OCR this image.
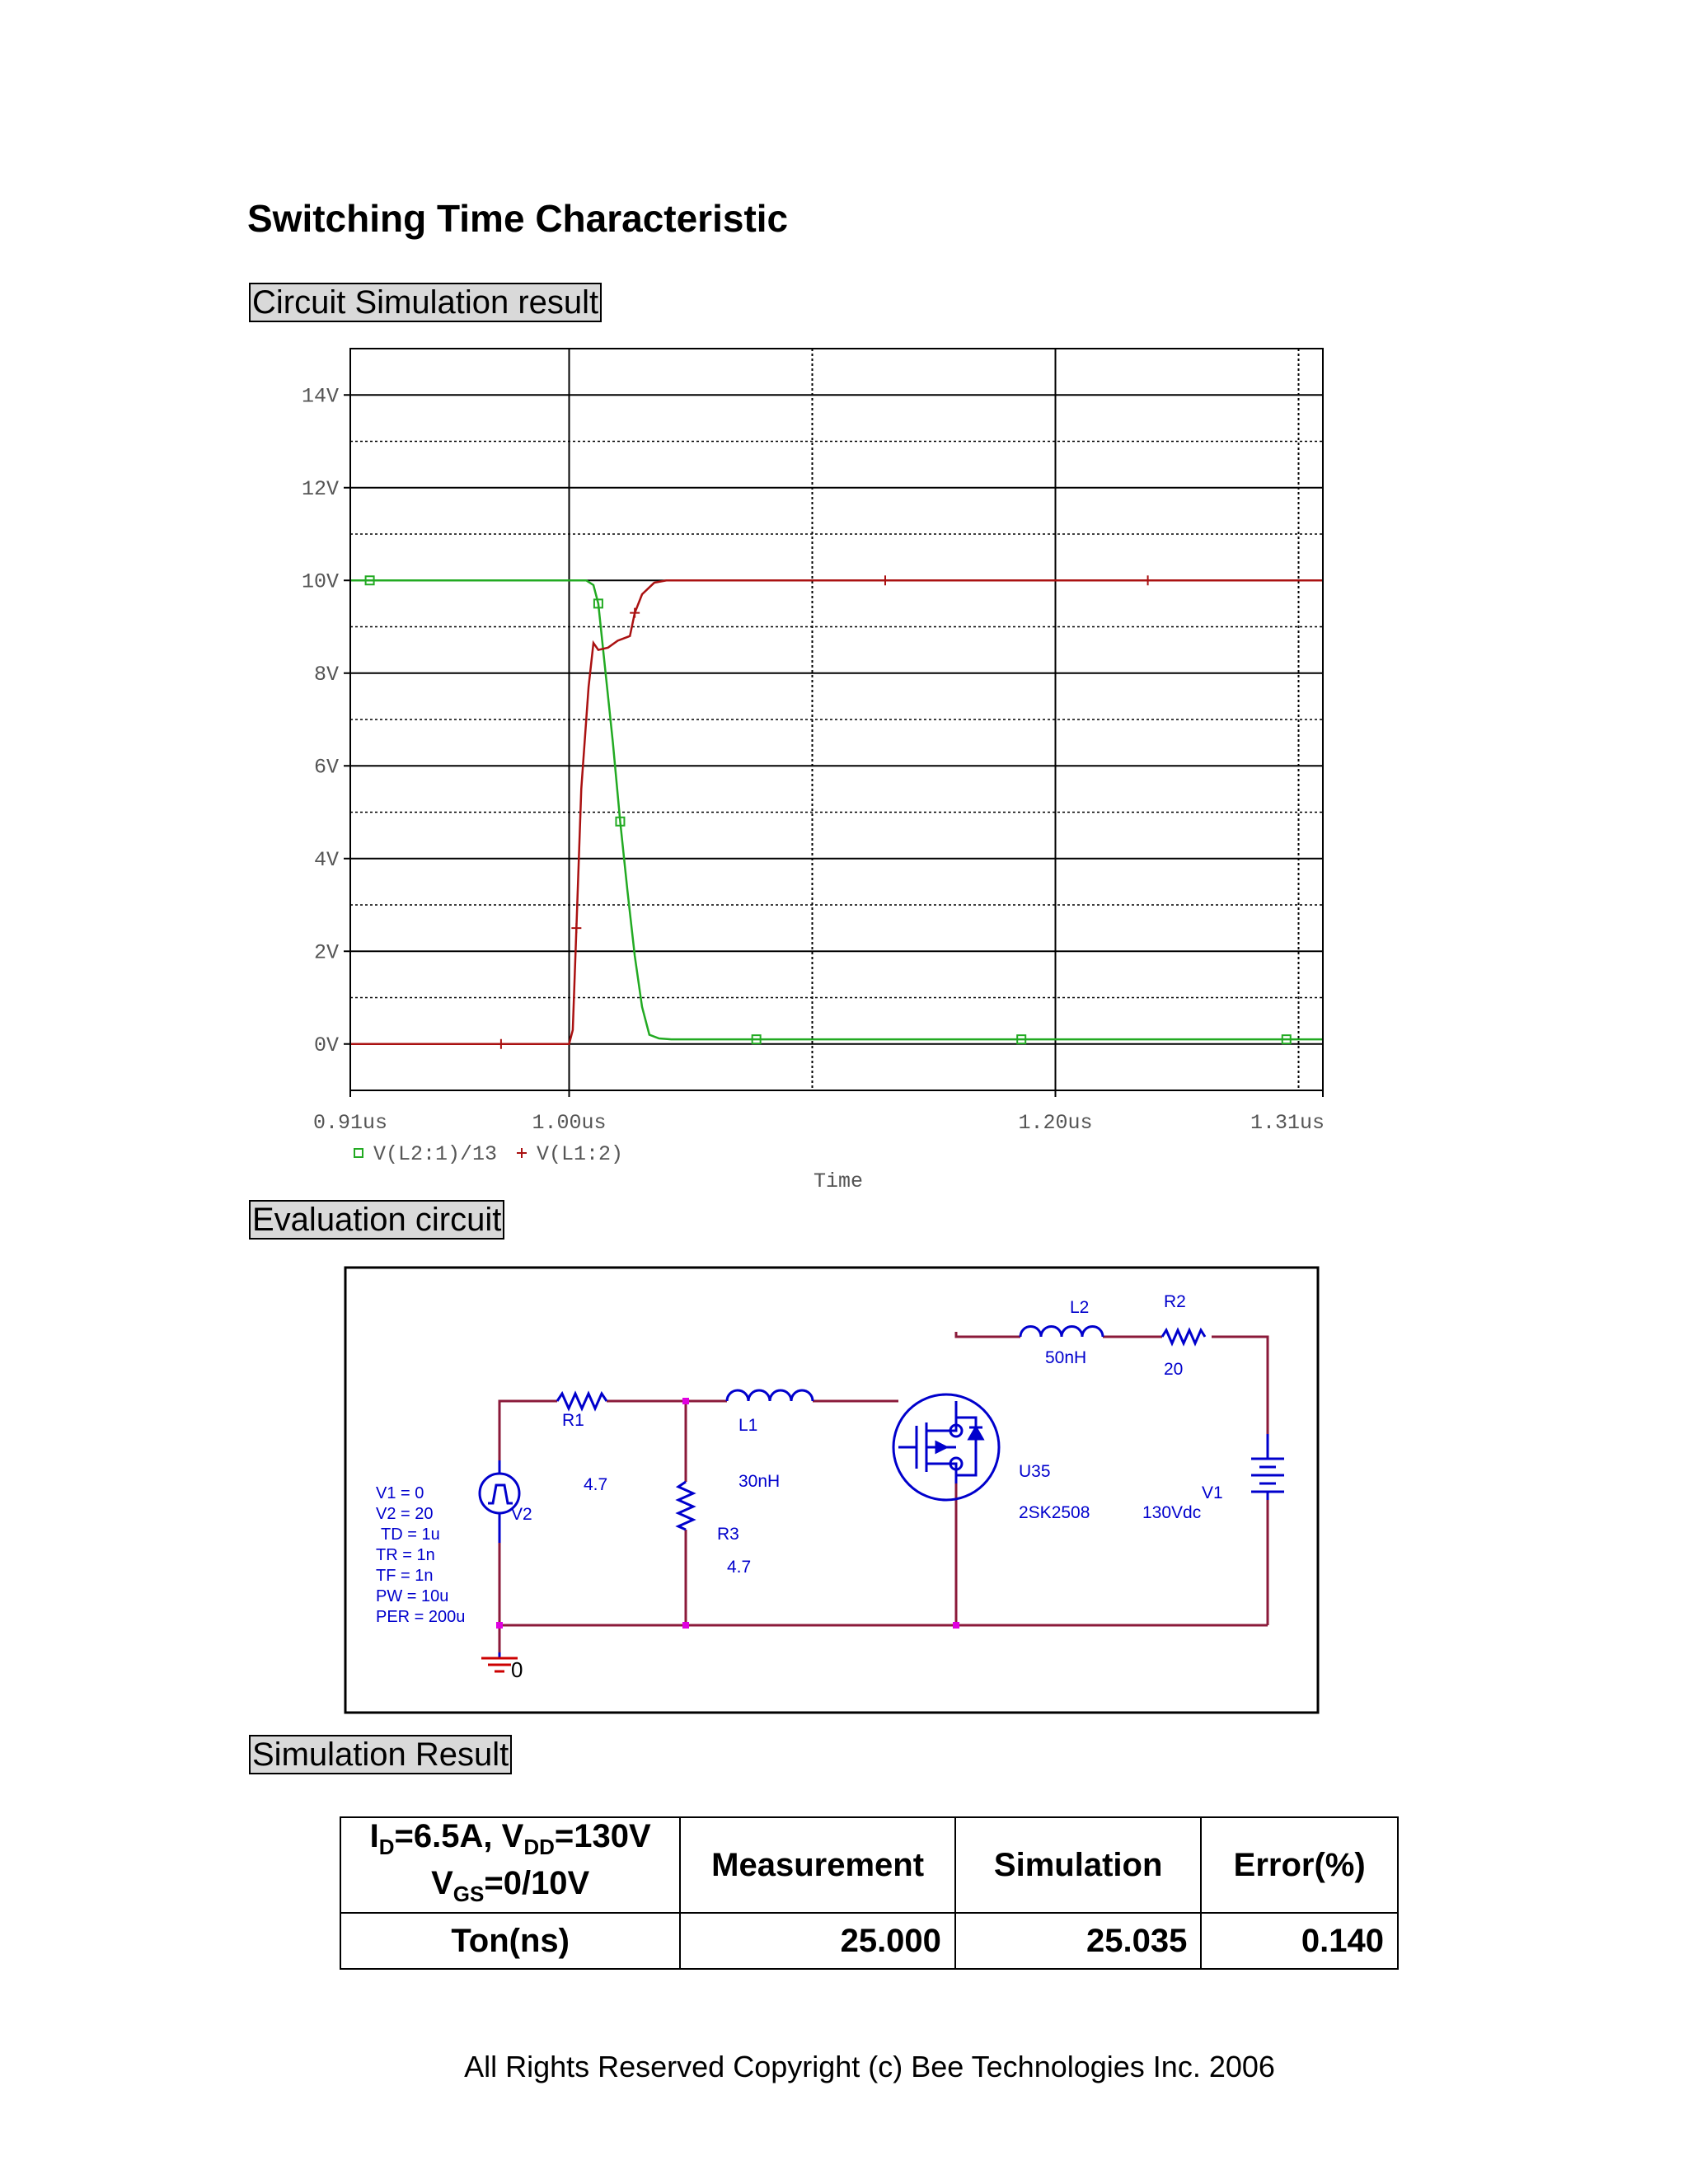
Switching Time Characteristic
Circuit Simulation result
Evaluation circuit
Simulation Result
14V
12V
10V
8V
6V
4V
2V
0V
0.91us	1.00us	1.20us	1.31us
V(L2:1)/13 V(L1:2)
Time
R1
4.7
L1
30nH
R3
4.7
L2
50nH
R2
20
U35
2SK2508
V1
130Vdc
V2
0
V1 = 0
V2 = 20
TD = 1u
TR = 1n
TF = 1n
PW = 10u
PER = 200u
$I_D=6.5A$, $V_{DD}=130V$
$V_{GS}=0/10V$	Measurement	Simulation	Error(%)
Ton(ns)	25.000	25.035	0.140
All Rights Reserved Copyright (c) Bee Technologies Inc. 2006
